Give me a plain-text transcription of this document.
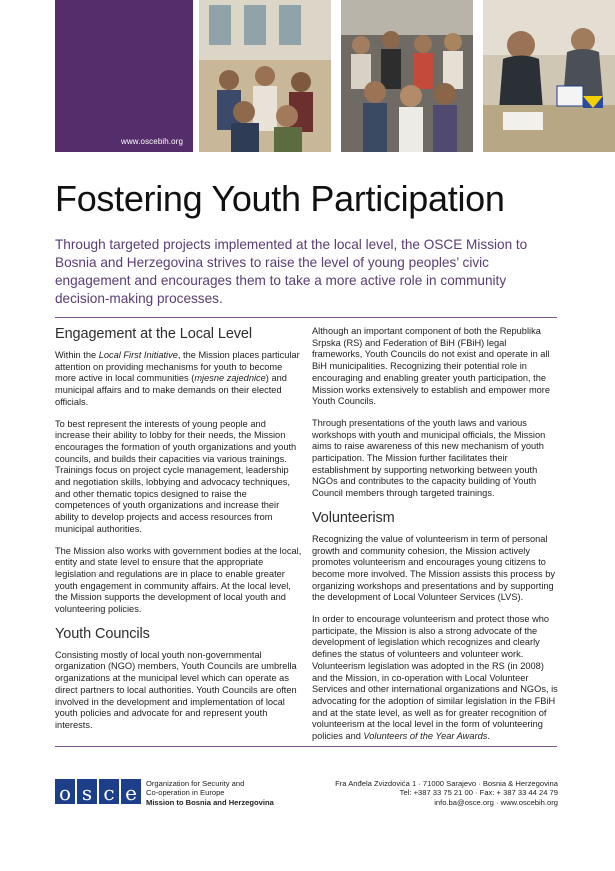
www.oscebih.org
Fostering Youth Participation

Through targeted projects implemented at the local level, the OSCE Mission to Bosnia and Herzegovina strives to raise the level of young peoples’ civic engagement and encourages them to take a more active role in community decision-making processes.

Engagement at the Local Level

Within the Local First Initiative, the Mission places particular attention on providing mechanisms for youth to become more active in local communities (mjesne zajednice) and municipal affairs and to make demands on their elected officials.

To best represent the interests of young people and increase their ability to lobby for their needs, the Mission encourages the formation of youth organizations and youth councils, and builds their capacities via various trainings. Trainings focus on project cycle management, leadership and negotiation skills, lobbying and advocacy techniques, and other thematic topics designed to raise the competences of youth organizations and increase their ability to develop projects and access resources from municipal authorities.

The Mission also works with government bodies at the local, entity and state level to ensure that the appropriate legislation and regulations are in place to enable greater youth engagement in community affairs. At the local level, the Mission supports the development of local youth and volunteering policies.

Youth Councils

Consisting mostly of local youth non-governmental organization (NGO) members, Youth Councils are umbrella organizations at the municipal level which can operate as direct partners to local authorities. Youth Councils are often involved in the development and implementation of local youth policies and advocate for and represent youth interests.

Although an important component of both the Republika Srpska (RS) and Federation of BiH (FBiH) legal frameworks, Youth Councils do not exist and operate in all BiH municipalities. Recognizing their potential role in encouraging and enabling greater youth participation, the Mission works extensively to establish and empower more Youth Councils.

Through presentations of the youth laws and various workshops with youth and municipal officials, the Mission aims to raise awareness of this new mechanism of youth participation. The Mission further facilitates their establishment by supporting networking between youth NGOs and contributes to the capacity building of Youth Council members through targeted trainings.

Volunteerism

Recognizing the value of volunteerism in term of personal growth and community cohesion, the Mission actively promotes volunteerism and encourages young citizens to become more involved. The Mission assists this process by organizing workshops and presentations and by supporting the development of Local Volunteer Services (LVS).

In order to encourage volunteerism and protect those who participate, the Mission is also a strong advocate of the development of legislation which recognizes and clearly defines the status of volunteers and volunteer work. Volunteerism legislation was adopted in the RS (in 2008) and the Mission, in co-operation with Local Volunteer Services and other international organizations and NGOs, is advocating for the adoption of similar legislation in the FBiH and at the state level, as well as for greater recognition of volunteerism at the local level in the form of volunteering policies and Volunteers of the Year Awards.

o s c e	Organization for Security and
Co-operation in Europe
Mission to Bosnia and Herzegovina
Fra Anđela Zvizdovića 1 · 71000 Sarajevo · Bosnia & Herzegovina
Tel: +387 33 75 21 00 · Fax: + 387 33 44 24 79
info.ba@osce.org · www.oscebih.org
